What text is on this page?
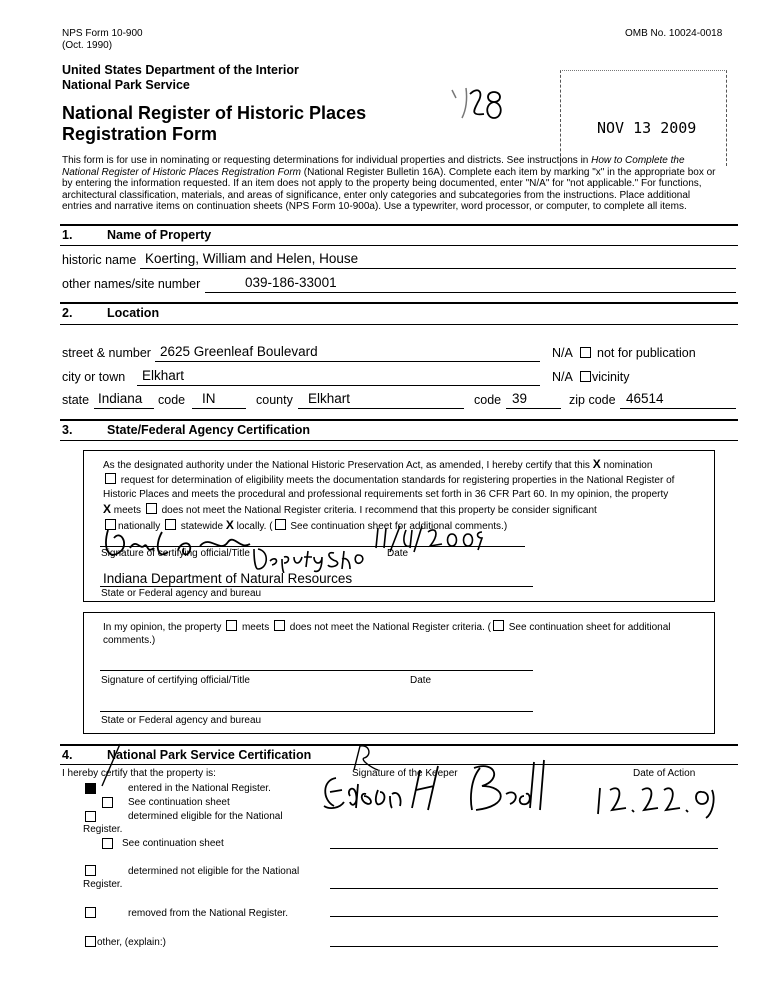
NPS Form 10-900
(Oct. 1990)
OMB No. 10024-0018
United States Department of the Interior
National Park Service
National Register of Historic Places
Registration Form	NOV 13 2009
This form is for use in nominating or requesting determinations for individual properties and districts. See instructions in How to Complete the
National Register of Historic Places Registration Form (National Register Bulletin 16A). Complete each item by marking "x" in the appropriate box or
by entering the information requested. If an item does not apply to the property being documented, enter "N/A" for "not applicable." For functions,
architectural classification, materials, and areas of significance, enter only categories and subcategories from the instructions. Place additional
entries and narrative items on continuation sheets (NPS Form 10-900a). Use a typewriter, word processor, or computer, to complete all items.
1.	Name of Property
historic name Koerting, William and Helen, House
other names/site number	039-186-33001
2.	Location
street & number 2625 Greenleaf Boulevard	N/A not for publication
city or town Elkhart	N/A vicinity
state Indiana code IN	county Elkhart	code 39	zip code 46514
3.	State/Federal Agency Certification
As the designated authority under the National Historic Preservation Act, as amended, I hereby certify that this X nomination
request for determination of eligibility meets the documentation standards for registering properties in the National Register of
Historic Places and meets the procedural and professional requirements set forth in 36 CFR Part 60. In my opinion, the property
X meets  does not meet the National Register criteria. I recommend that this property be consider significant
nationally  statewide X locally. ( See continuation sheet for additional comments.)
Signature of certifying official/Title	Date
Indiana Department of Natural Resources
State or Federal agency and bureau
In my opinion, the property  meets  does not meet the National Register criteria. ( See continuation sheet for additional
comments.)
Signature of certifying official/Title	Date
State or Federal agency and bureau
4.	National Park Service Certification
I hereby certify that the property is:	Signature of the Keeper	Date of Action
entered in the National Register.
See continuation sheet
determined eligible for the National
Register.
See continuation sheet
determined not eligible for the National
Register.
removed from the National Register.
other, (explain:)
